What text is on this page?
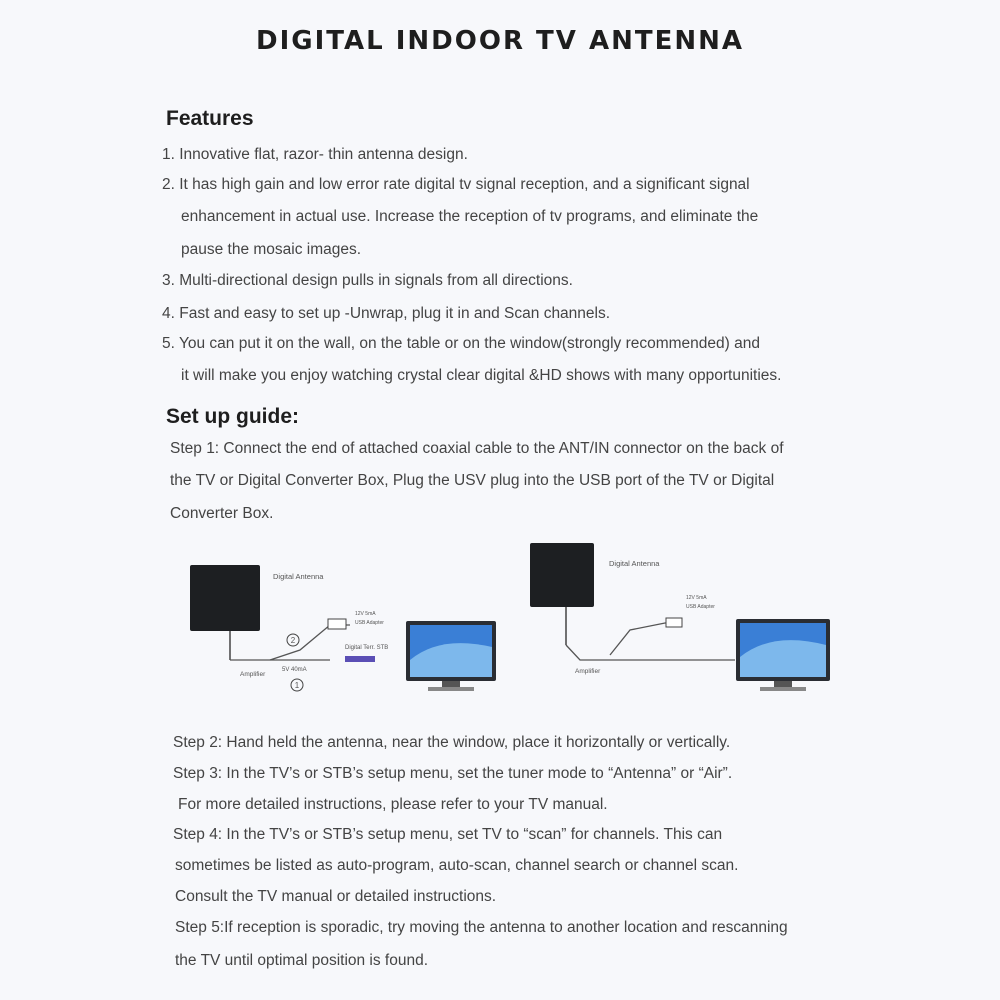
DIGITAL INDOOR TV ANTENNA
Features

1. Innovative flat, razor- thin antenna design.

2. It has high gain and low error rate digital tv signal reception, and a significant signal

enhancement in actual use. Increase the reception of tv programs, and eliminate the

pause the mosaic images.

3. Multi-directional design pulls in signals from all directions.

4. Fast and easy to set up -Unwrap, plug it in and Scan channels.

5. You can put it on the wall, on the table or on the window(strongly recommended) and

it will make you enjoy watching crystal clear digital &HD shows with many opportunities.

Set up guide:

Step 1: Connect the end of attached coaxial cable to the ANT/IN connector on the back of

the TV or Digital Converter Box, Plug the USV plug into the USB port of the TV or Digital

Converter Box.

2
1
Digital Antenna
12V 5mA
USB Adapter
Digital Terr. STB
Amplifier
5V 40mA
Digital Antenna
12V 5mA
USB Adapter
Amplifier

Step 2: Hand held the antenna, near the window, place it horizontally or vertically.

Step 3: In the TV’s or STB’s setup menu, set the tuner mode to “Antenna” or “Air”.

For more detailed instructions, please refer to your TV manual.

Step 4: In the TV’s or STB’s setup menu, set TV to “scan” for channels. This can

sometimes be listed as auto-program, auto-scan, channel search or channel scan.

Consult the TV manual or detailed instructions.

Step 5:If reception is sporadic, try moving the antenna to another location and rescanning

the TV until optimal position is found.
